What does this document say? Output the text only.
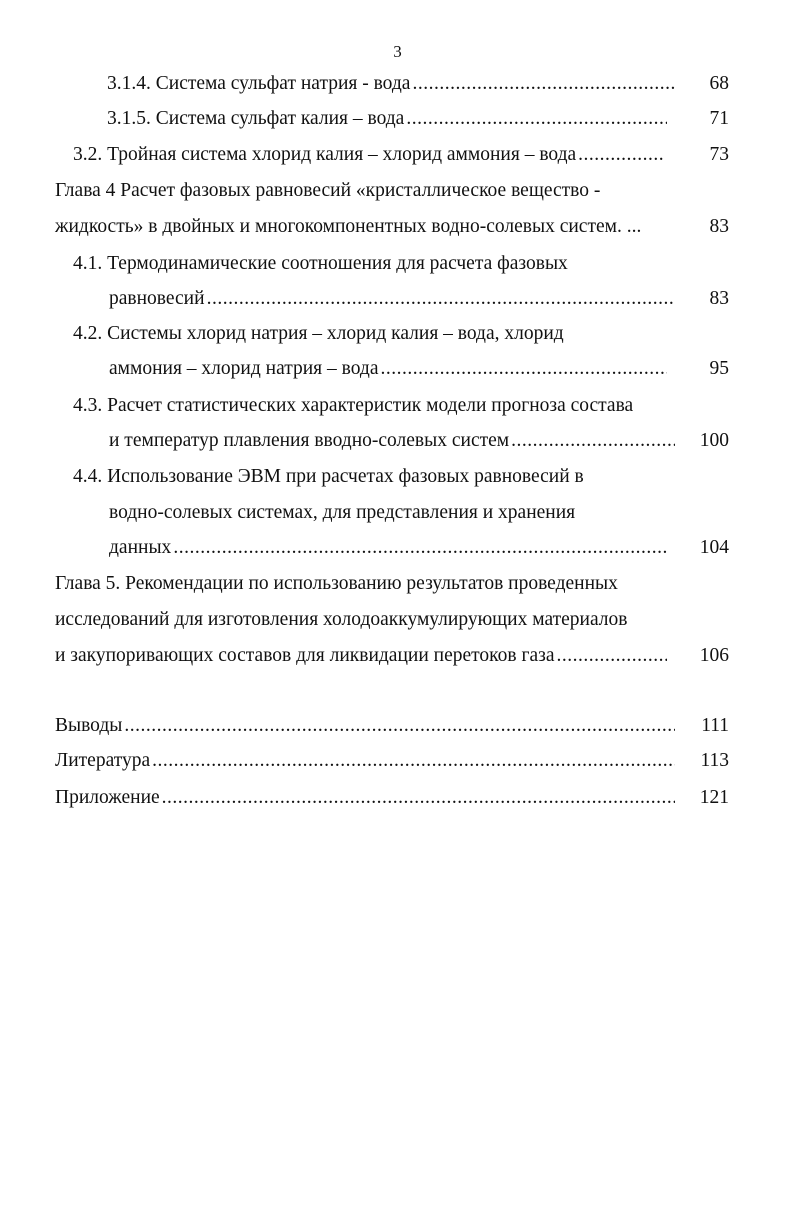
3
3.1.4. Система сульфат натрия - вода .....	68
3.1.5. Система сульфат калия – вода .....	71
3.2. Тройная система хлорид калия – хлорид аммония – вода .....	73
Глава 4 Расчет фазовых равновесий «кристаллическое вещество -
жидкость» в двойных и многокомпонентных водно-солевых систем. ...	83
4.1. Термодинамические соотношения для расчета фазовых
равновесий .....	83
4.2. Системы хлорид натрия – хлорид калия – вода, хлорид
аммония – хлорид натрия – вода .....	95
4.3. Расчет статистических характеристик модели прогноза состава
и температур плавления вводно-солевых систем .....	100
4.4. Использование ЭВМ при расчетах фазовых равновесий в
водно-солевых системах, для представления и хранения
данных .....	104
Глава 5. Рекомендации по использованию результатов проведенных
исследований для изготовления холодоаккумулирующих материалов
и закупоривающих составов для ликвидации перетоков газа .....	106
Выводы .....	111
Литература .....	113
Приложение .....	121
